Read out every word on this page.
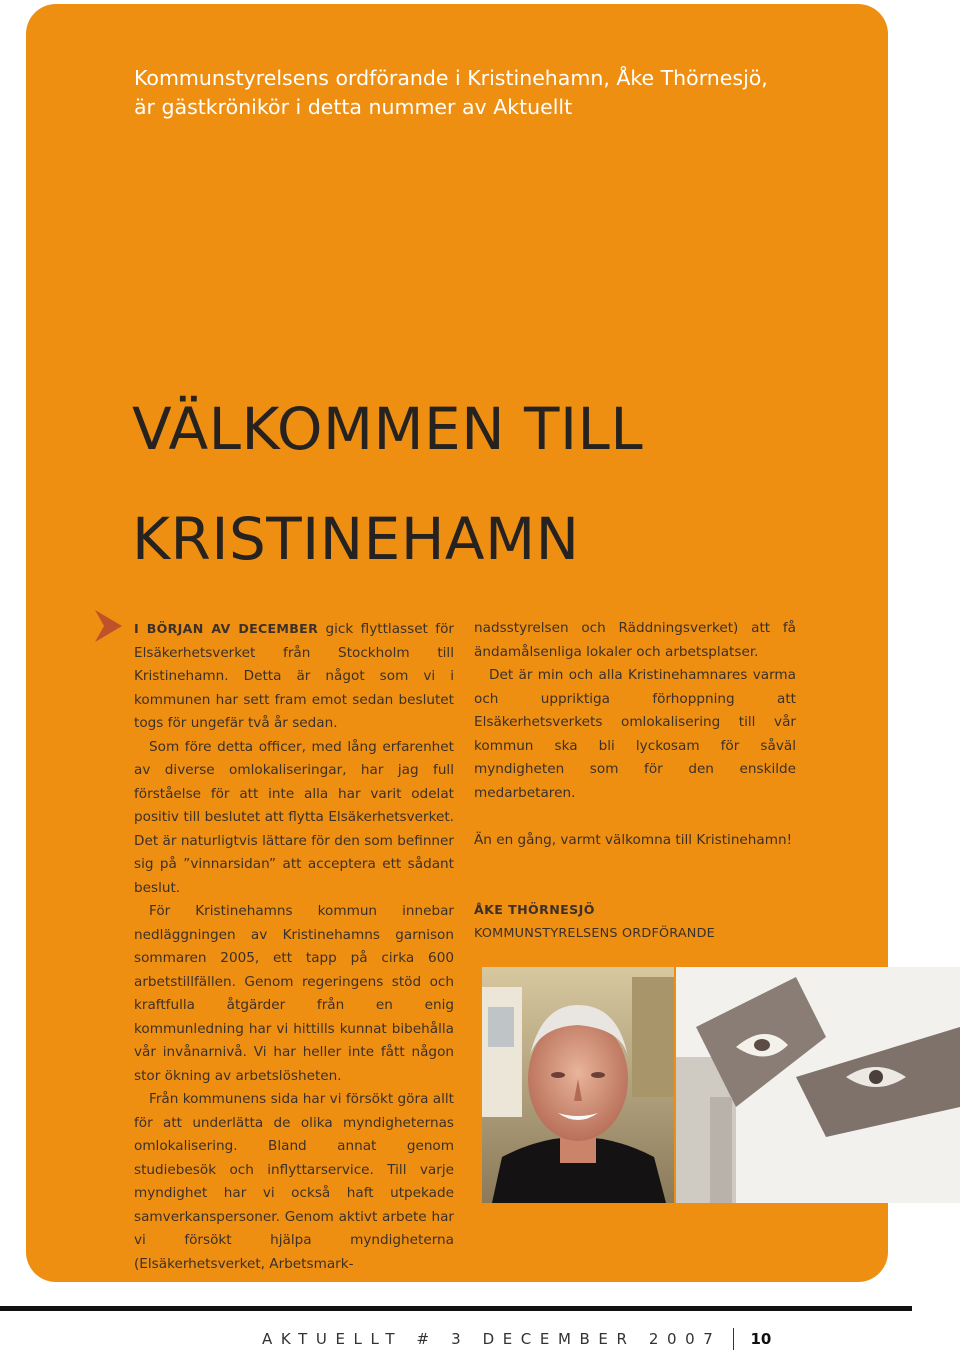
Kommunstyrelsens ordförande i Kristinehamn, Åke Thörnesjö,
är gästkrönikör i detta nummer av Aktuellt
VÄLKOMMEN TILL
KRISTINEHAMN

I BÖRJAN AV DECEMBER gick flyttlasset för Elsäkerhetsverket från Stockholm till Kristinehamn. Detta är något som vi i kommunen har sett fram emot sedan beslutet togs för ungefär två år sedan.

Som före detta officer, med lång erfarenhet av diverse omlokaliseringar, har jag full förståelse för att inte alla har varit odelat positiv till beslutet att flytta Elsäkerhetsverket. Det är naturligtvis lättare för den som befinner sig på ”vinnarsidan” att acceptera ett sådant beslut.

För Kristinehamns kommun innebar nedläggningen av Kristinehamns garnison sommaren 2005, ett tapp på cirka 600 arbetstillfällen. Genom regeringens stöd och kraftfulla åtgärder från en enig kommunledning har vi hittills kunnat bibehålla vår invånarnivå. Vi har heller inte fått någon stor ökning av arbetslösheten.

Från kommunens sida har vi försökt göra allt för att underlätta de olika myndigheternas omlokalisering. Bland annat genom studiebesök och inflyttarservice. Till varje myndighet har vi också haft utpekade samverkanspersoner. Genom aktivt arbete har vi försökt hjälpa myndigheterna (Elsäkerhetsverket, Arbetsmark-

nadsstyrelsen och Räddningsverket) att få ändamålsenliga lokaler och arbetsplatser.

Det är min och alla Kristinehamnares varma och uppriktiga förhoppning att Elsäkerhetsverkets omlokalisering till vår kommun ska bli lyckosam för såväl myndigheten som för den enskilde medarbetaren.

Än en gång, varmt välkomna till Kristinehamn!

ÅKE THÖRNESJÖ
KOMMUNSTYRELSENS ORDFÖRANDE
AKTUELLT # 3 DECEMBER 2007 10
